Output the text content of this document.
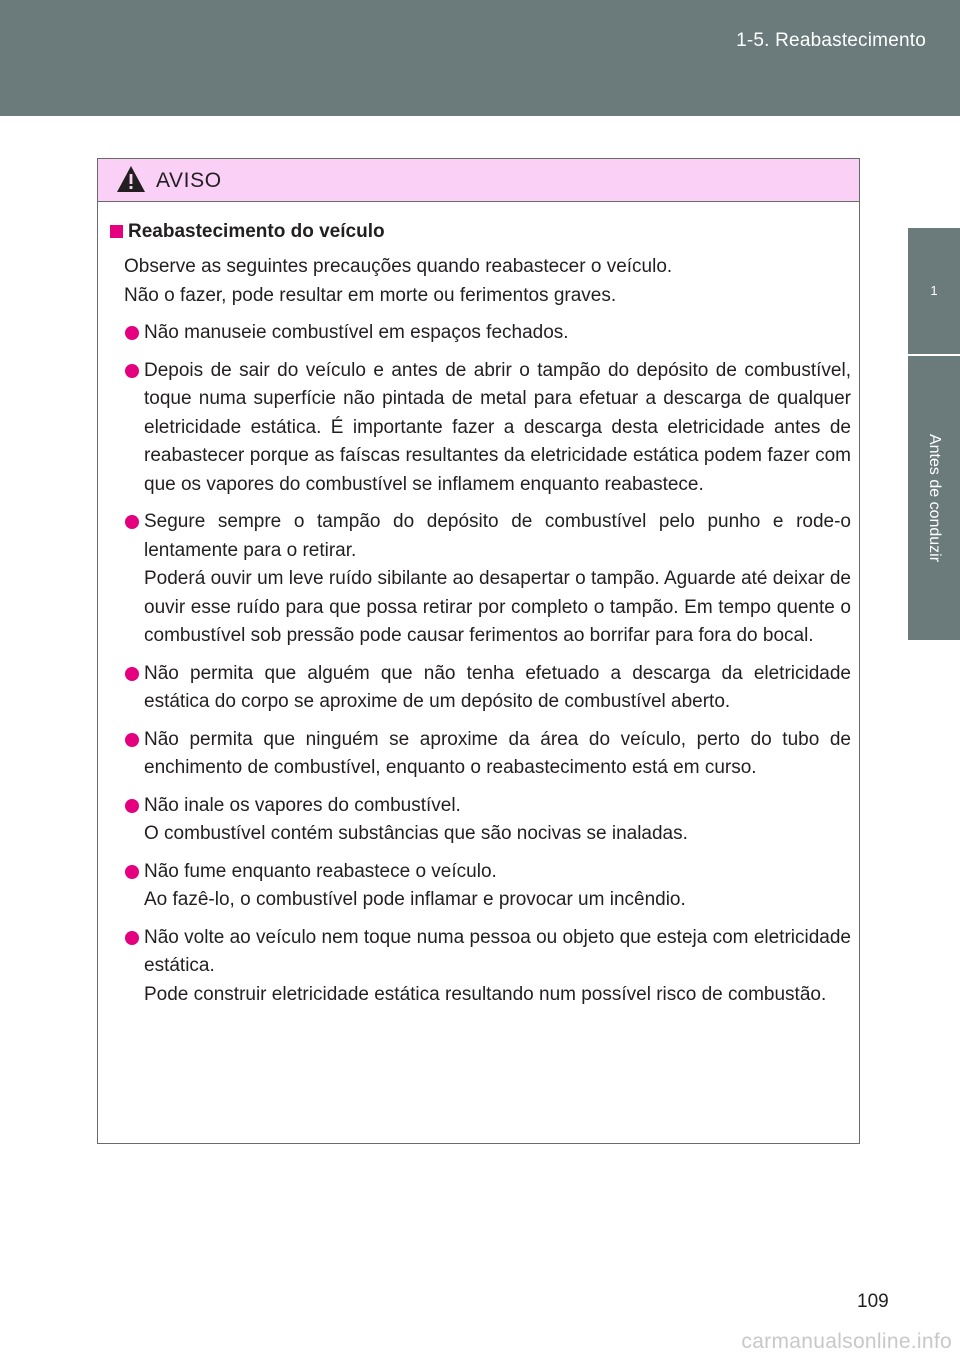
1-5. Reabastecimento
1
Antes de conduzir
AVISO
Reabastecimento do veículo
Observe as seguintes precauções quando reabastecer o veículo.
Não o fazer, pode resultar em morte ou ferimentos graves.
Não manuseie combustível em espaços fechados.
Depois de sair do veículo e antes de abrir o tampão do depósito de combustível, toque numa superfície não pintada de metal para efetuar a descarga de qualquer eletricidade estática. É importante fazer a descarga desta eletricidade antes de reabastecer porque as faíscas resultantes da eletricidade estática podem fazer com que os vapores do combustível se inflamem enquanto reabastece.
Segure sempre o tampão do depósito de combustível pelo punho e rode-o lentamente para o retirar.
Poderá ouvir um leve ruído sibilante ao desapertar o tampão. Aguarde até deixar de ouvir esse ruído para que possa retirar por completo o tampão. Em tempo quente o combustível sob pressão pode causar ferimentos ao borrifar para fora do bocal.
Não permita que alguém que não tenha efetuado a descarga da eletricidade estática do corpo se aproxime de um depósito de combustível aberto.
Não permita que ninguém se aproxime da área do veículo, perto do tubo de enchimento de combustível, enquanto o reabastecimento está em curso.
Não inale os vapores do combustível.
O combustível contém substâncias que são nocivas se inaladas.
Não fume enquanto reabastece o veículo.
Ao fazê-lo, o combustível pode inflamar e provocar um incêndio.
Não volte ao veículo nem toque numa pessoa ou objeto que esteja com eletricidade estática.
Pode construir eletricidade estática resultando num possível risco de combustão.
109
carmanualsonline.info
